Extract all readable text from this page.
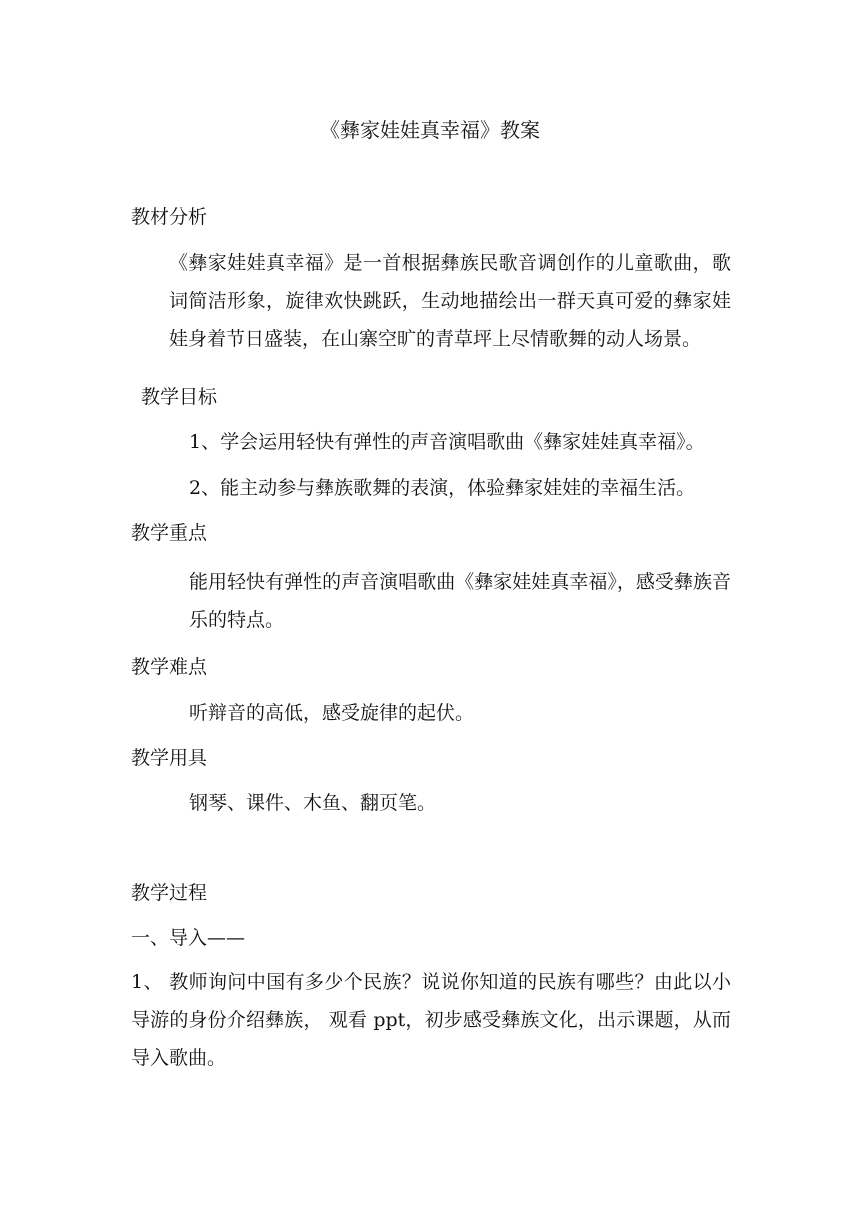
《彝家娃娃真幸福》教案
教材分析

《彝家娃娃真幸福》是一首根据彝族民歌音调创作的儿童歌曲，歌词简洁形象，旋律欢快跳跃，生动地描绘出一群天真可爱的彝家娃娃身着节日盛装，在山寨空旷的青草坪上尽情歌舞的动人场景。

教学目标
1、学会运用轻快有弹性的声音演唱歌曲《彝家娃娃真幸福》。
2、能主动参与彝族歌舞的表演，体验彝家娃娃的幸福生活。
教学重点

能用轻快有弹性的声音演唱歌曲《彝家娃娃真幸福》，感受彝族音乐的特点。

教学难点
听辩音的高低，感受旋律的起伏。
教学用具
钢琴、课件、木鱼、翻页笔。
教学过程
一、导入——

1、 教师询问中国有多少个民族？说说你知道的民族有哪些？由此以小导游的身份介绍彝族， 观看 ppt，初步感受彝族文化，出示课题，从而导入歌曲。
